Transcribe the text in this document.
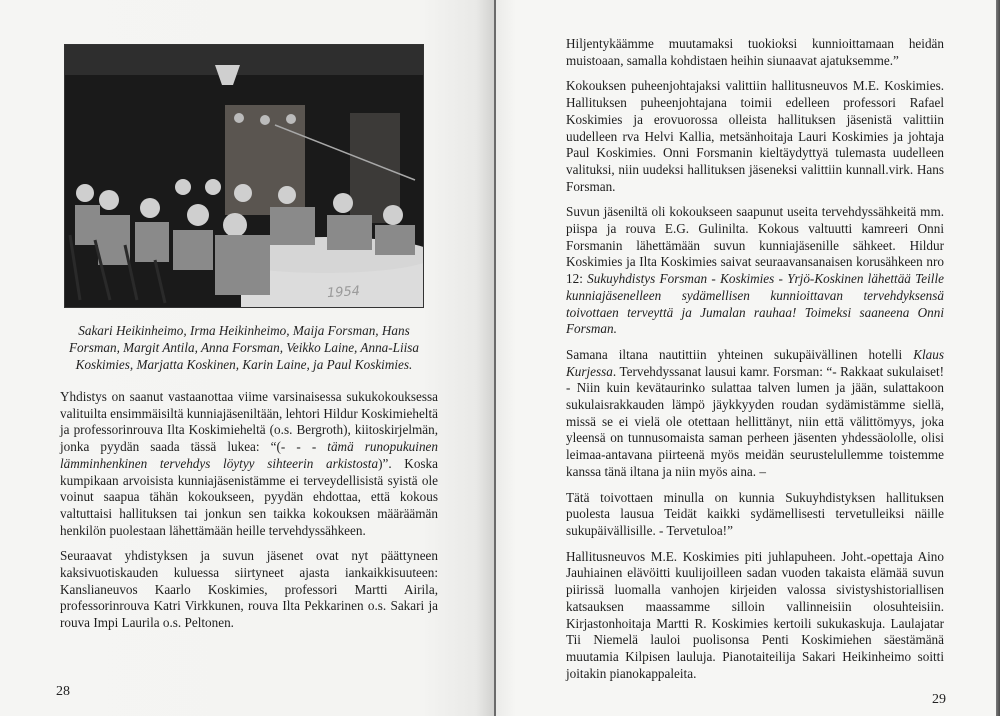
1954
Sakari Heikinheimo, Irma Heikinheimo, Maija Forsman, Hans Forsman, Margit Antila, Anna Forsman, Veikko Laine, Anna-Liisa Koskimies, Marjatta Koskinen, Karin Laine, ja Paul Koskimies.

Yhdistys on saanut vastaanottaa viime varsinaisessa sukukokouksessa valituilta ensimmäisiltä kunniajäseniltään, lehtori Hildur Koskimieheltä ja professorinrouva Ilta Koskimieheltä (o.s. Bergroth), kiitoskirjelmän, jonka pyydän saada tässä lukea: “(- - - tämä runopukuinen lämminhenkinen tervehdys löytyy sihteerin arkistosta)”. Koska kumpikaan arvoisista kunniajäsenistämme ei terveydellisistä syistä ole voinut saapua tähän kokoukseen, pyydän ehdottaa, että kokous valtuttaisi hallituksen tai jonkun sen taikka kokouksen määräämän henkilön puolestaan lähettämään heille tervehdyssähkeen.

Seuraavat yhdistyksen ja suvun jäsenet ovat nyt päättyneen kaksivuotiskauden kuluessa siirtyneet ajasta iankaikkisuuteen: Kanslianeuvos Kaarlo Koskimies, professori Martti Airila, professorinrouva Katri Virkkunen, rouva Ilta Pekkarinen o.s. Sakari ja rouva Impi Laurila o.s. Peltonen.

28

Hiljentykäämme muutamaksi tuokioksi kunnioittamaan heidän muistoaan, samalla kohdistaen heihin siunaavat ajatuksemme.”

Kokouksen puheenjohtajaksi valittiin hallitusneuvos M.E. Koskimies. Hallituksen puheenjohtajana toimii edelleen professori Rafael Koskimies ja erovuorossa olleista hallituksen jäsenistä valittiin uudelleen rva Helvi Kallia, metsänhoitaja Lauri Koskimies ja johtaja Paul Koskimies. Onni Forsmanin kieltäydyttyä tulemasta uudelleen valituksi, niin uudeksi hallituksen jäseneksi valittiin kunnall.virk. Hans Forsman.

Suvun jäseniltä oli kokoukseen saapunut useita tervehdyssähkeitä mm. piispa ja rouva E.G. Gulinilta. Kokous valtuutti kamreeri Onni Forsmanin lähettämään suvun kunniajäsenille sähkeet. Hildur Koskimies ja Ilta Koskimies saivat seuraavansanaisen korusähkeen nro 12: Sukuyhdistys Forsman - Koskimies - Yrjö-Koskinen lähettää Teille kunniajäsenelleen sydämellisen kunnioittavan tervehdyksensä toivottaen terveyttä ja Jumalan rauhaa! Toimeksi saaneena Onni Forsman.

Samana iltana nautittiin yhteinen sukupäivällinen hotelli Klaus Kurjessa. Tervehdyssanat lausui kamr. Forsman: “- Rakkaat sukulaiset! - Niin kuin kevätaurinko sulattaa talven lumen ja jään, sulattakoon sukulaisrakkauden lämpö jäykkyyden roudan sydämistämme siellä, missä se ei vielä ole otettaan hellittänyt, niin että välittömyys, joka yleensä on tunnusomaista saman perheen jäsenten yhdessäololle, olisi leimaa-antavana piirteenä myös meidän seurustelullemme toistemme kanssa tänä iltana ja niin myös aina. –

Tätä toivottaen minulla on kunnia Sukuyhdistyksen hallituksen puolesta lausua Teidät kaikki sydämellisesti tervetulleiksi näille sukupäivällisille. - Tervetuloa!”

Hallitusneuvos M.E. Koskimies piti juhlapuheen. Joht.-opettaja Aino Jauhiainen elävöitti kuulijoilleen sadan vuoden takaista elämää suvun piirissä luomalla vanhojen kirjeiden valossa sivistyshistoriallisen katsauksen maassamme silloin vallinneisiin olosuhteisiin. Kirjastonhoitaja Martti R. Koskimies kertoili sukukaskuja. Laulajatar Tii Niemelä lauloi puolisonsa Penti Koskimiehen säestämänä muutamia Kilpisen lauluja. Pianotaiteilija Sakari Heikinheimo soitti joitakin pianokappaleita.

29
